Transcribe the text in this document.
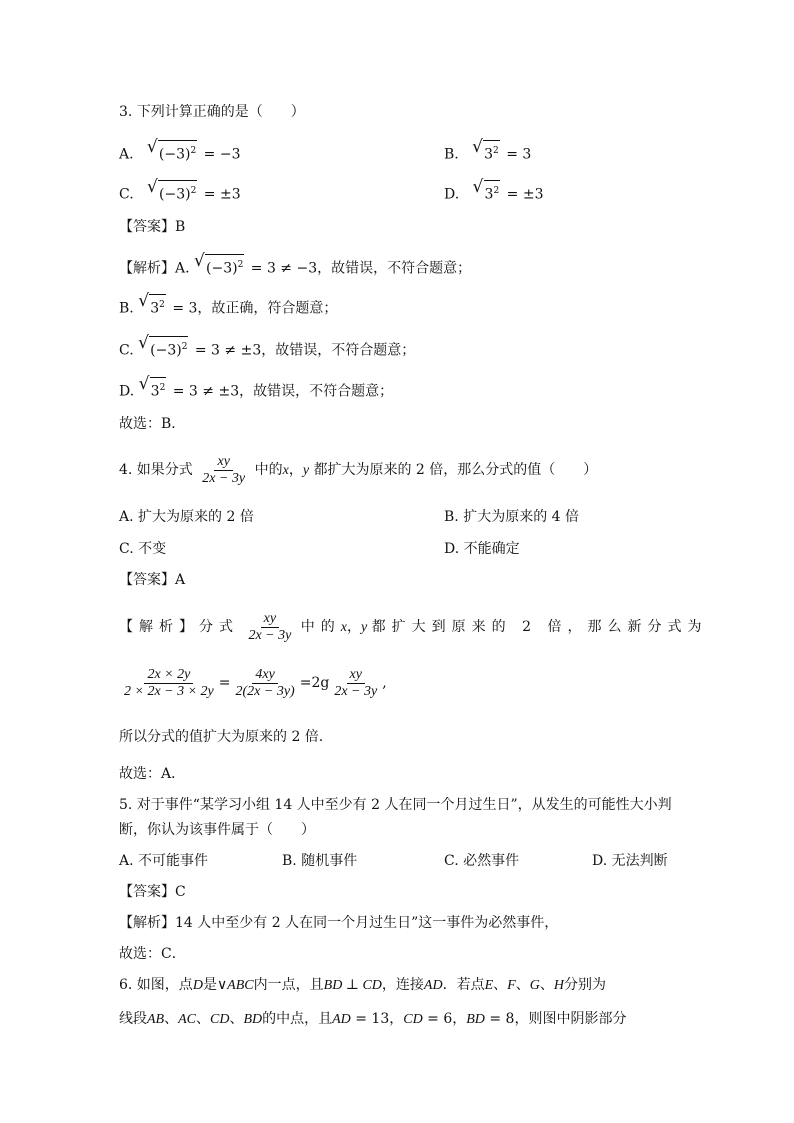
3. 下列计算正确的是（　　）
A. √ $(-3)^2 = -3$	B. √ $3^2 = 3$
C. √ $(-3)^2 = \pm 3$	D. √ $3^2 = \pm 3$
【答案】B
【解析】A. √ $(-3)^2 = 3 \ne -3$，故错误，不符合题意；
B. √ $3^2 = 3$，故正确，符合题意；
C. √ $(-3)^2 = 3 \ne \pm 3$，故错误，不符合题意；
D. √ $3^2 = 3 \ne \pm 3$，故错误，不符合题意；
故选：B．
4. 如果分式 $\frac{xy}{2x - 3y}$ 中的x，y 都扩大为原来的 2 倍，那么分式的值（　　）
A. 扩大为原来的 2 倍	B. 扩大为原来的 4 倍
C. 不变	D. 不能确定
【答案】A
【解析】分式 $\frac{xy}{2x - 3y}$ 中的x，y 都扩大到原来的 2 倍，那么新分式为
$\frac{2x \times 2y}{2 \times 2x - 3 \times 2y} = \frac{4xy}{2(2x - 3y)} =2g \frac{xy}{2x - 3y}$ ,
所以分式的值扩大为原来的 2 倍.
故选：A．
5. 对于事件“某学习小组 14 人中至少有 2 人在同一个月过生日”，从发生的可能性大小判
断，你认为该事件属于（　　）
A. 不可能事件	B. 随机事件	C. 必然事件	D. 无法判断
【答案】C
【解析】14 人中至少有 2 人在同一个月过生日”这一事件为必然事件，
故选：C．
6. 如图，点D是∨ABC内一点，且BD ⊥ CD，连接AD．若点E、F、G、H分别为
线段AB、AC、CD、BD的中点，且AD = 13，CD = 6，BD = 8，则图中阴影部分
